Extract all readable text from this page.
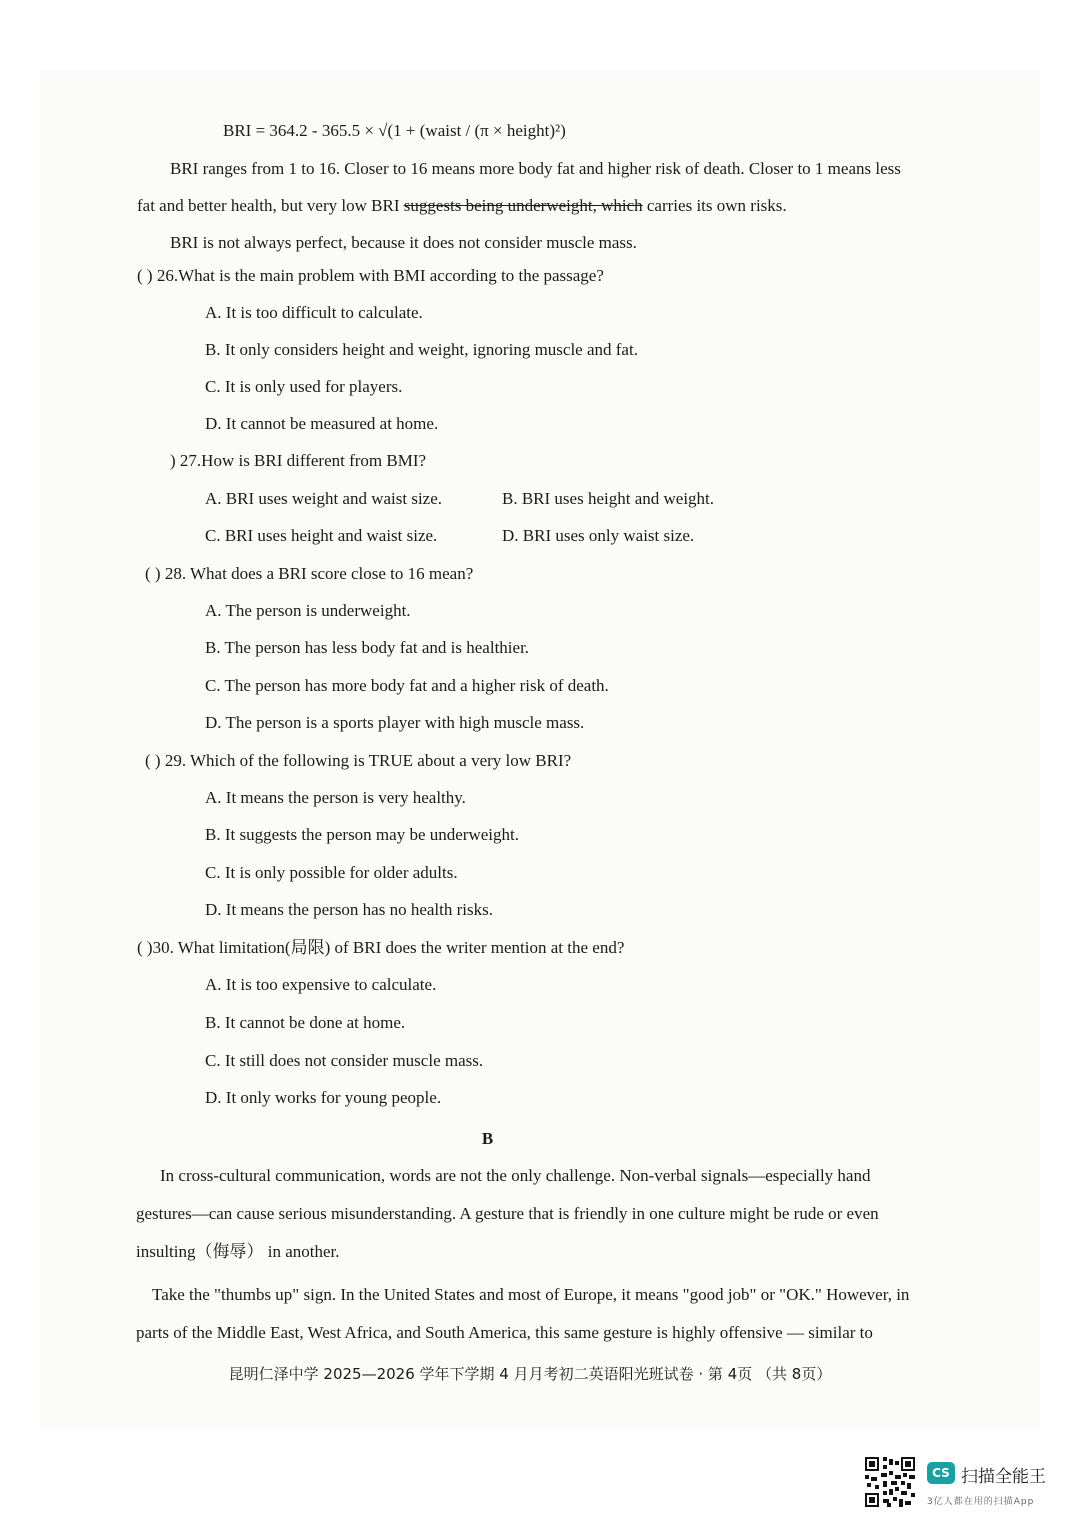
BRI = 364.2 - 365.5 × √(1 + (waist / (π × height)²)
BRI ranges from 1 to 16. Closer to 16 means more body fat and higher risk of death. Closer to 1 means less
fat and better health, but very low BRI suggests being underweight, which carries its own risks.
BRI is not always perfect, because it does not consider muscle mass.
( ) 26.What is the main problem with BMI according to the passage?
A. It is too difficult to calculate.
B. It only considers height and weight, ignoring muscle and fat.
C. It is only used for players.
D. It cannot be measured at home.
) 27.How is BRI different from BMI?
A. BRI uses weight and waist size.	B. BRI uses height and weight.
C. BRI uses height and waist size.	D. BRI uses only waist size.
( ) 28. What does a BRI score close to 16 mean?
A. The person is underweight.
B. The person has less body fat and is healthier.
C. The person has more body fat and a higher risk of death.
D. The person is a sports player with high muscle mass.
( ) 29. Which of the following is TRUE about a very low BRI?
A. It means the person is very healthy.
B. It suggests the person may be underweight.
C. It is only possible for older adults.
D. It means the person has no health risks.
( )30. What limitation(局限) of BRI does the writer mention at the end?
A. It is too expensive to calculate.
B. It cannot be done at home.
C. It still does not consider muscle mass.
D. It only works for young people.
B
In cross-cultural communication, words are not the only challenge. Non-verbal signals—especially hand
gestures—can cause serious misunderstanding. A gesture that is friendly in one culture might be rude or even
insulting（侮辱） in another.
Take the "thumbs up" sign. In the United States and most of Europe, it means "good job" or "OK." However, in
parts of the Middle East, West Africa, and South America, this same gesture is highly offensive — similar to
昆明仁泽中学 2025—2026 学年下学期 4 月月考初二英语阳光班试卷 · 第 4页 （共 8页）
CS 扫描全能王
3亿人都在用的扫描App
